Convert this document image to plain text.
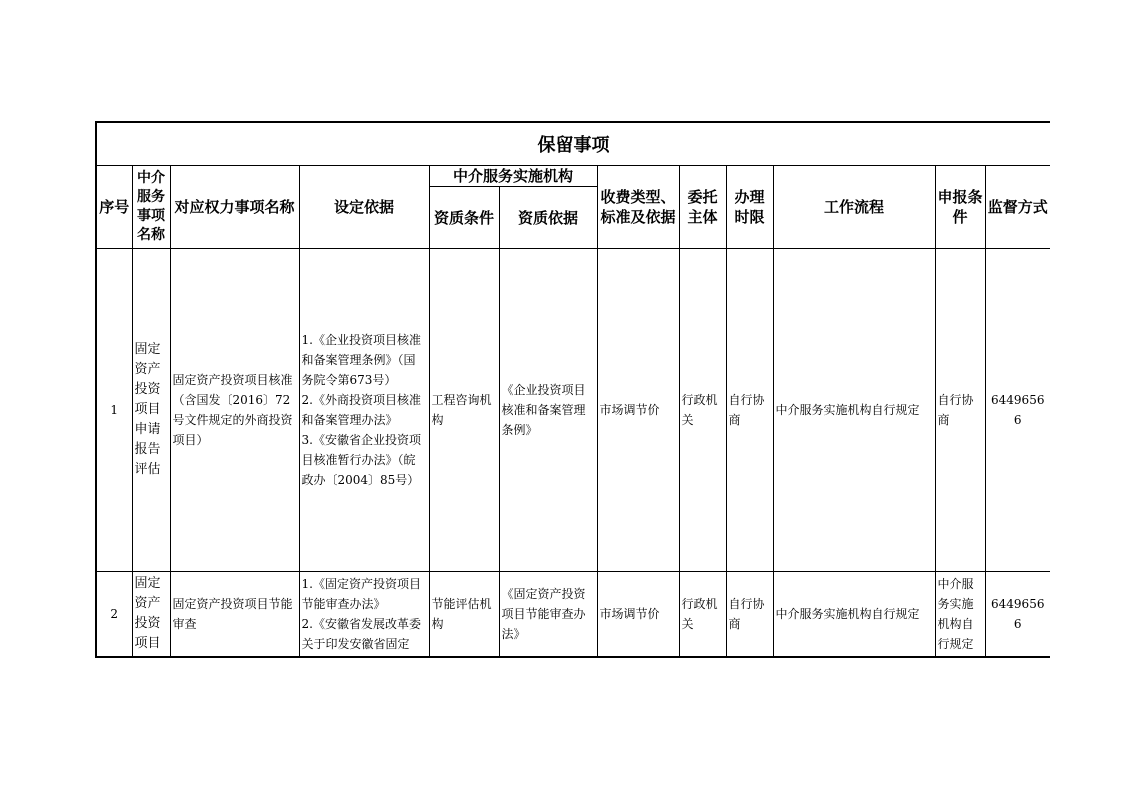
保留事项											
序号	中介服务事项名称	对应权力事项名称	设定依据	中介服务实施机构		收费类型、标准及依据	委托主体	办理时限	工作流程	申报条件	监督方式
				资质条件	资质依据						
1	固定资产投资项目申请报告评估	固定资产投资项目核准（含国发〔2016〕72号文件规定的外商投资项目）	1.《企业投资项目核准和备案管理条例》（国务院令第673号）
2.《外商投资项目核准和备案管理办法》
3.《安徽省企业投资项目核准暂行办法》（皖政办〔2004〕85号）	工程咨询机构	《企业投资项目核准和备案管理条例》	市场调节价	行政机关	自行协商	中介服务实施机构自行规定	自行协商	64496566
2	固定资产投资项目	固定资产投资项目节能审查	1.《固定资产投资项目节能审查办法》
2.《安徽省发展改革委关于印发安徽省固定	节能评估机构	《固定资产投资项目节能审查办法》	市场调节价	行政机关	自行协商	中介服务实施机构自行规定	中介服务实施机构自行规定	64496566
